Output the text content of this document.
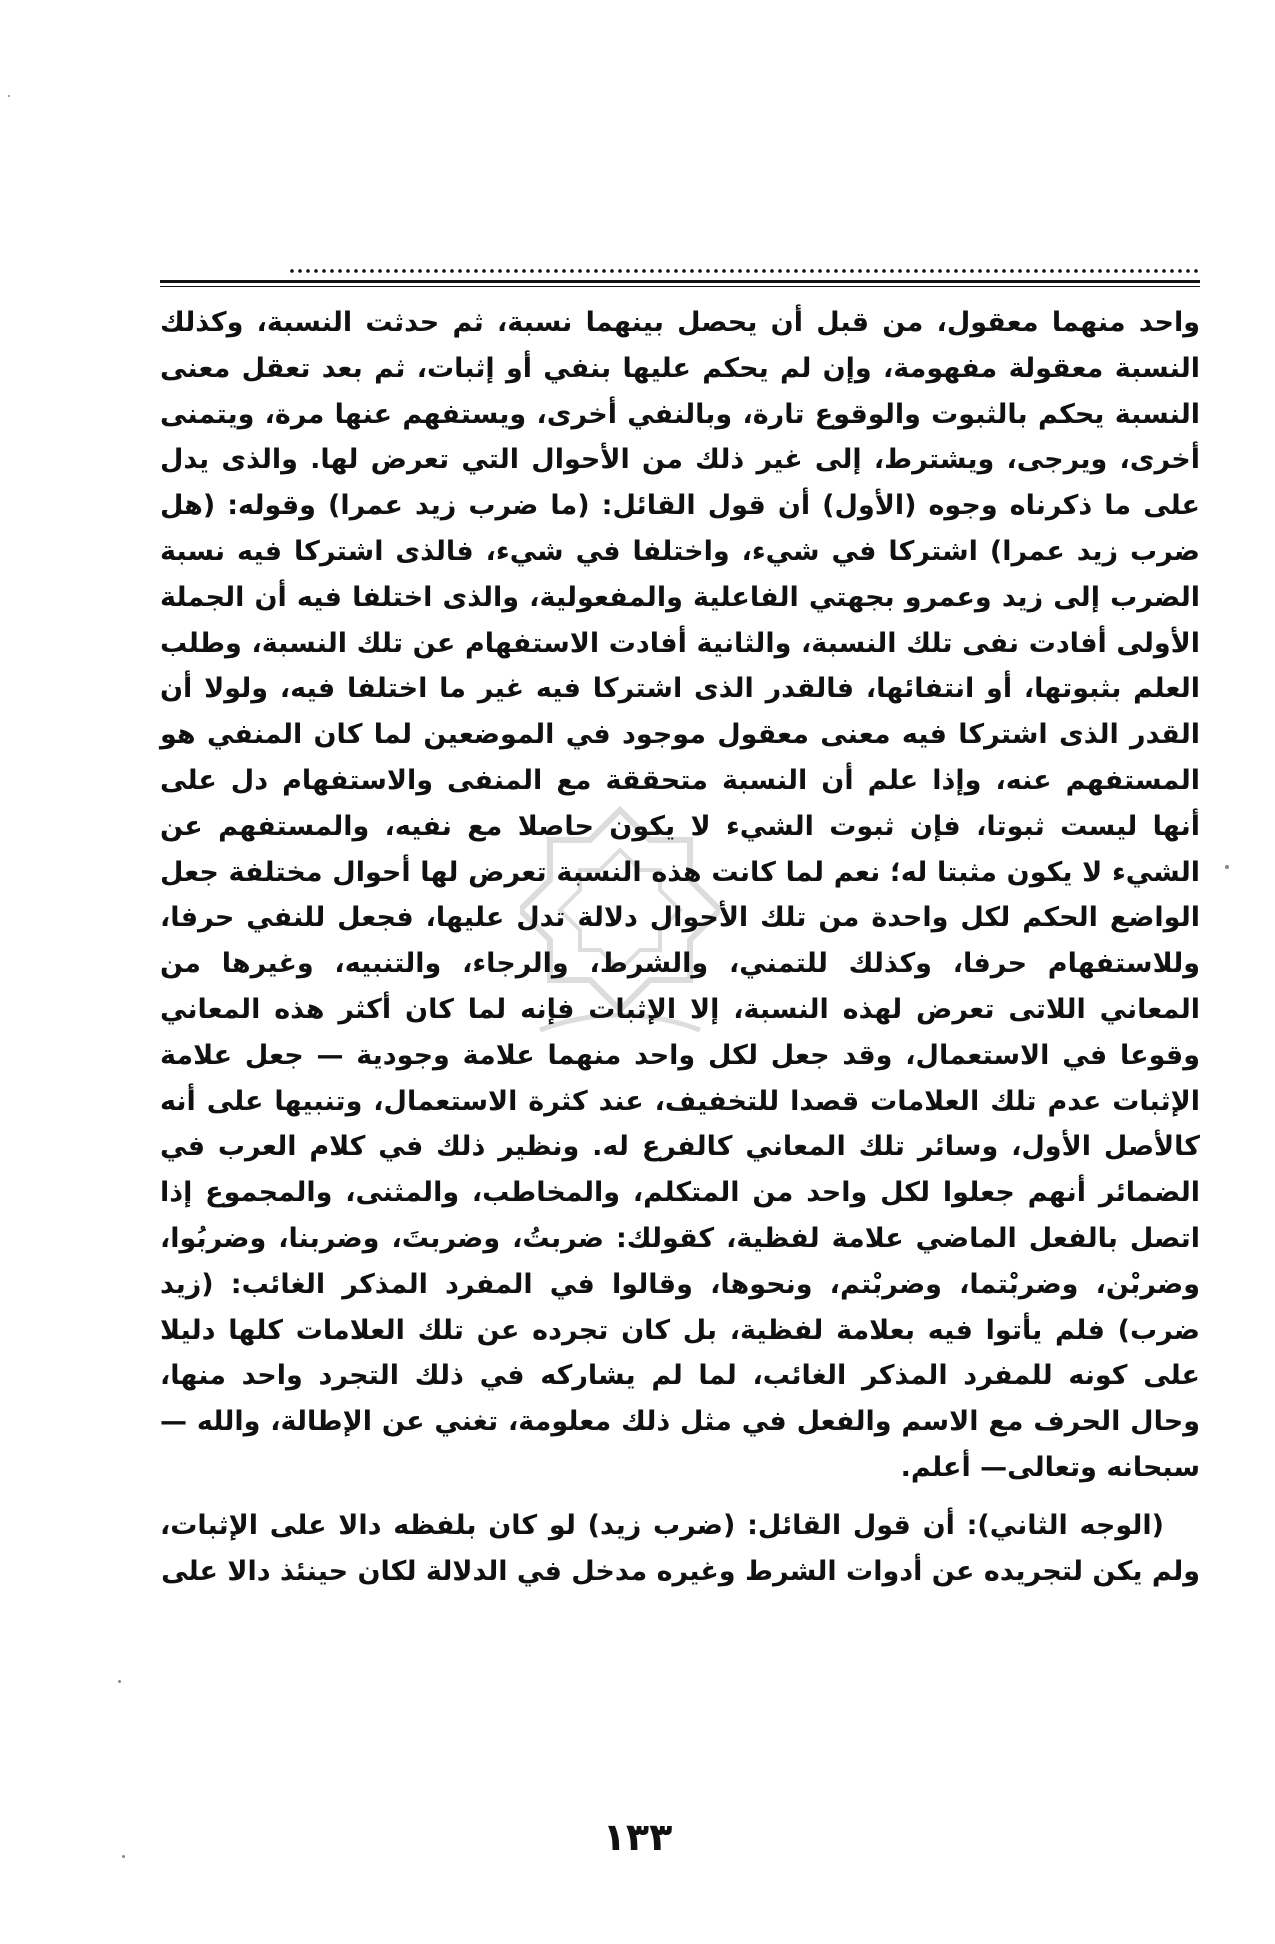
واحد منهما معقول، من قبل أن يحصل بينهما نسبة، ثم حدثت النسبة، وكذلك النسبة معقولة مفهومة، وإن لم يحكم عليها بنفي أو إثبات، ثم بعد تعقل معنى النسبة يحكم بالثبوت والوقوع تارة، وبالنفي أخرى، ويستفهم عنها مرة، ويتمنى أخرى، ويرجى، ويشترط، إلى غير ذلك من الأحوال التي تعرض لها. والذى يدل على ما ذكرناه وجوه (الأول) أن قول القائل: (ما ضرب زيد عمرا) وقوله: (هل ضرب زيد عمرا) اشتركا في شيء، واختلفا في شيء، فالذى اشتركا فيه نسبة الضرب إلى زيد وعمرو بجهتي الفاعلية والمفعولية، والذى اختلفا فيه أن الجملة الأولى أفادت نفى تلك النسبة، والثانية أفادت الاستفهام عن تلك النسبة، وطلب العلم بثبوتها، أو انتفائها، فالقدر الذى اشتركا فيه غير ما اختلفا فيه، ولولا أن القدر الذى اشتركا فيه معنى معقول موجود في الموضعين لما كان المنفي هو المستفهم عنه، وإذا علم أن النسبة متحققة مع المنفى والاستفهام دل على أنها ليست ثبوتا، فإن ثبوت الشيء لا يكون حاصلا مع نفيه، والمستفهم عن الشيء لا يكون مثبتا له؛ نعم لما كانت هذه النسبة تعرض لها أحوال مختلفة جعل الواضع الحكم لكل واحدة من تلك الأحوال دلالة تدل عليها، فجعل للنفي حرفا، وللاستفهام حرفا، وكذلك للتمني، والشرط، والرجاء، والتنبيه، وغيرها من المعاني اللاتى تعرض لهذه النسبة، إلا الإثبات فإنه لما كان أكثر هذه المعاني وقوعا في الاستعمال، وقد جعل لكل واحد منهما علامة وجودية — جعل علامة الإثبات عدم تلك العلامات قصدا للتخفيف، عند كثرة الاستعمال، وتنبيها على أنه كالأصل الأول، وسائر تلك المعاني كالفرع له. ونظير ذلك في كلام العرب في الضمائر أنهم جعلوا لكل واحد من المتكلم، والمخاطب، والمثنى، والمجموع إذا اتصل بالفعل الماضي علامة لفظية، كقولك: ضربتُ، وضربتَ، وضربنا، وضربُوا، وضربْن، وضربْتما، وضربْتم، ونحوها، وقالوا في المفرد المذكر الغائب: (زيد ضرب) فلم يأتوا فيه بعلامة لفظية، بل كان تجرده عن تلك العلامات كلها دليلا على كونه للمفرد المذكر الغائب، لما لم يشاركه في ذلك التجرد واحد منها، وحال الحرف مع الاسم والفعل في مثل ذلك معلومة، تغني عن الإطالة، والله —سبحانه وتعالى— أعلم.

(الوجه الثاني): أن قول القائل: (ضرب زيد) لو كان بلفظه دالا على الإثبات، ولم يكن لتجريده عن أدوات الشرط وغيره مدخل في الدلالة لكان حينئذ دالا على

١٣٣
